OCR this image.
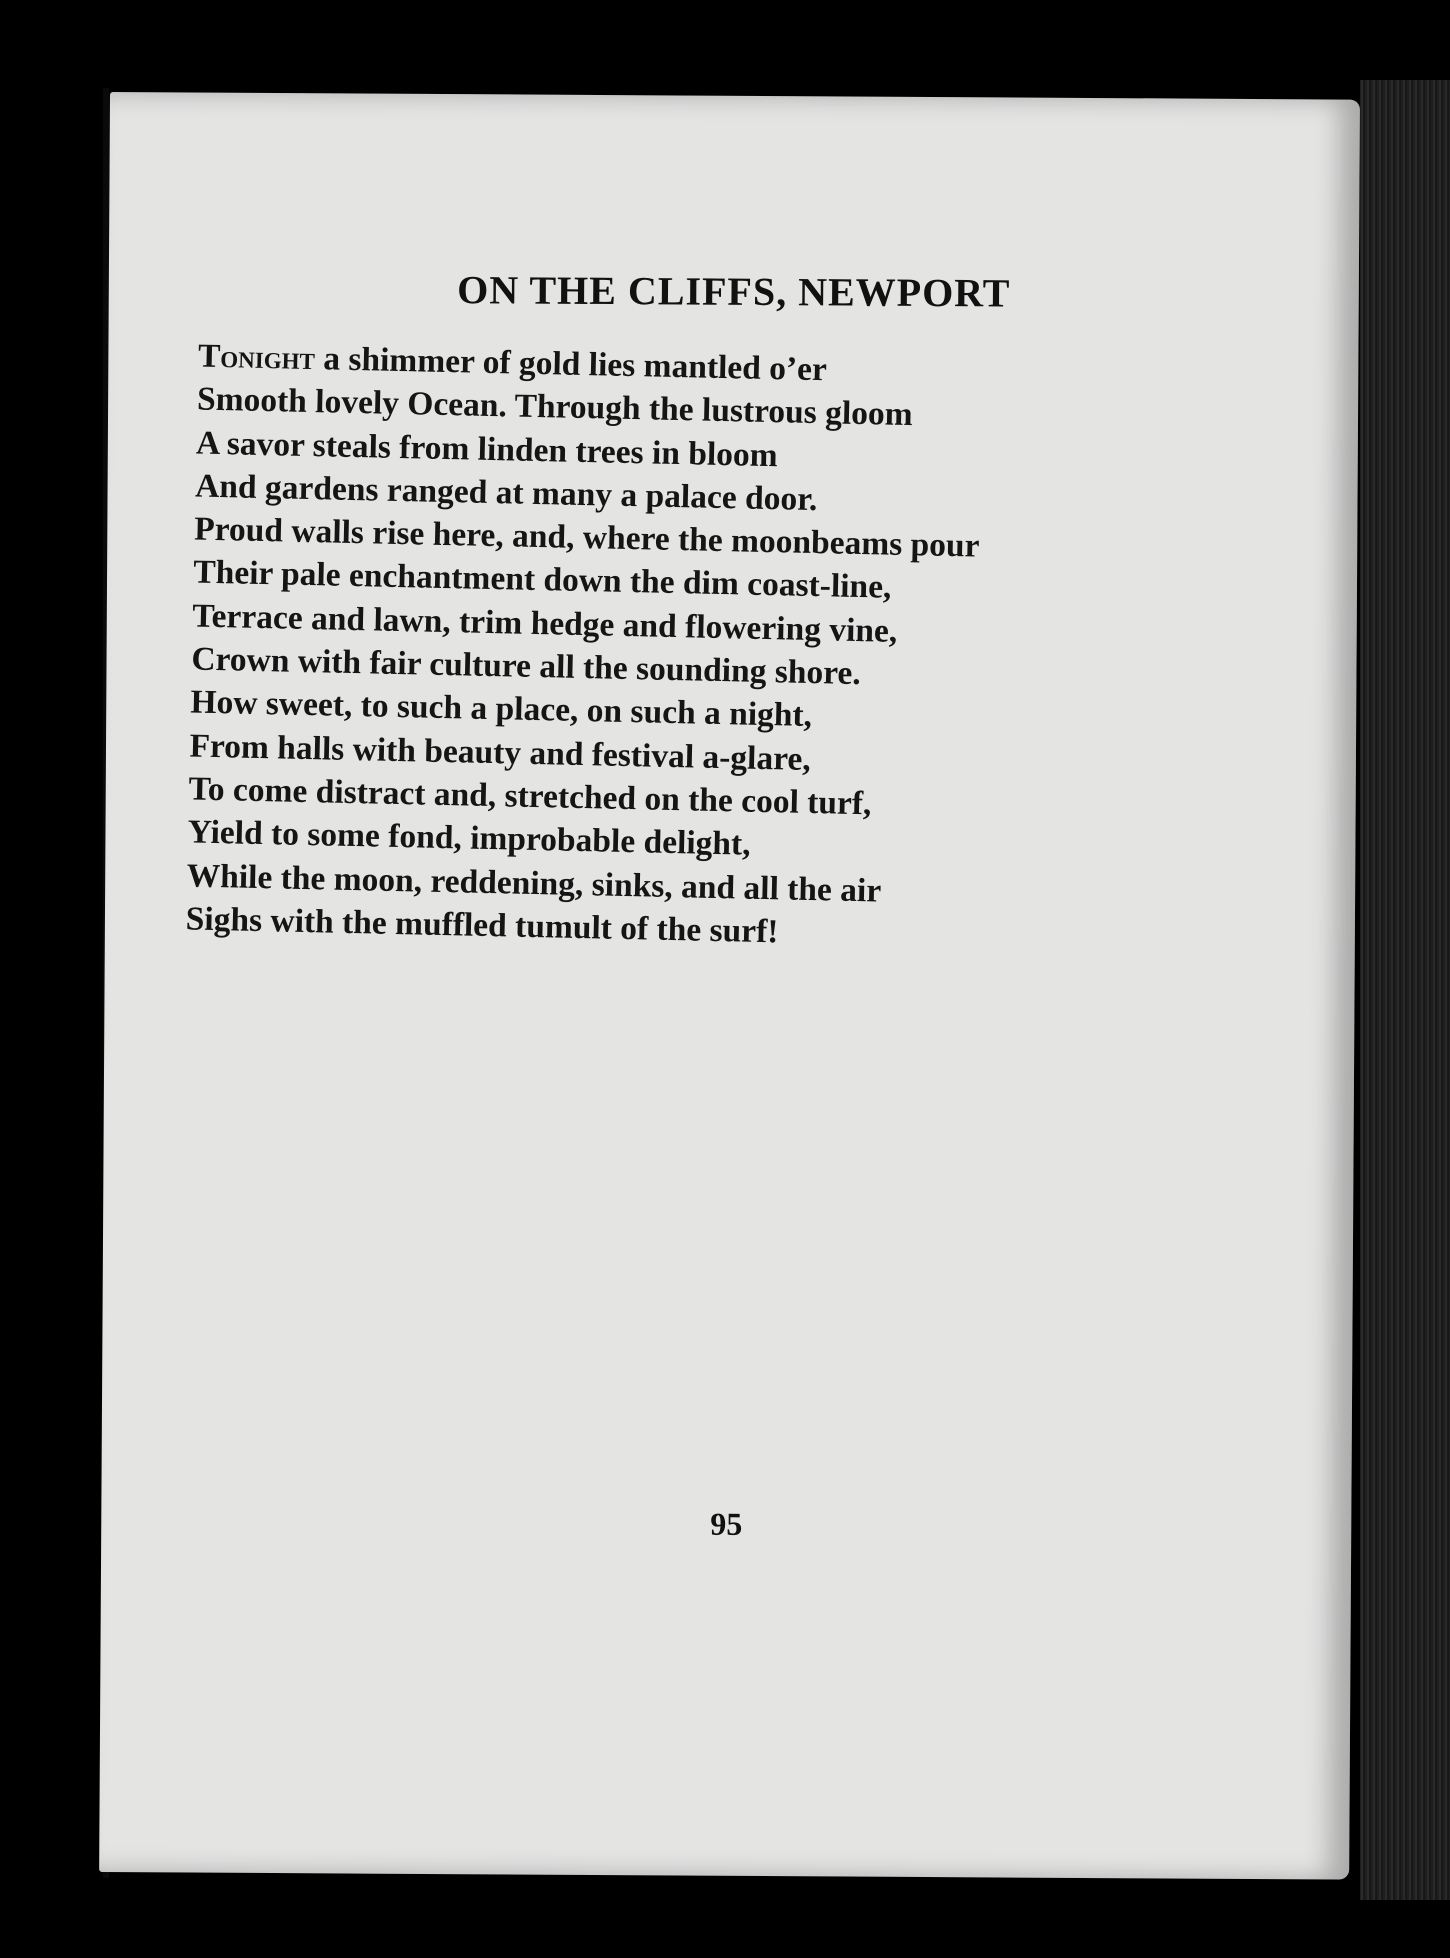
ON THE CLIFFS, NEWPORT
Tonight a shimmer of gold lies mantled o’er
Smooth lovely Ocean. Through the lustrous gloom
A savor steals from linden trees in bloom
And gardens ranged at many a palace door.
Proud walls rise here, and, where the moonbeams pour
Their pale enchantment down the dim coast-line,
Terrace and lawn, trim hedge and flowering vine,
Crown with fair culture all the sounding shore.
How sweet, to such a place, on such a night,
From halls with beauty and festival a-glare,
To come distract and, stretched on the cool turf,
Yield to some fond, improbable delight,
While the moon, reddening, sinks, and all the air
Sighs with the muffled tumult of the surf!
95
